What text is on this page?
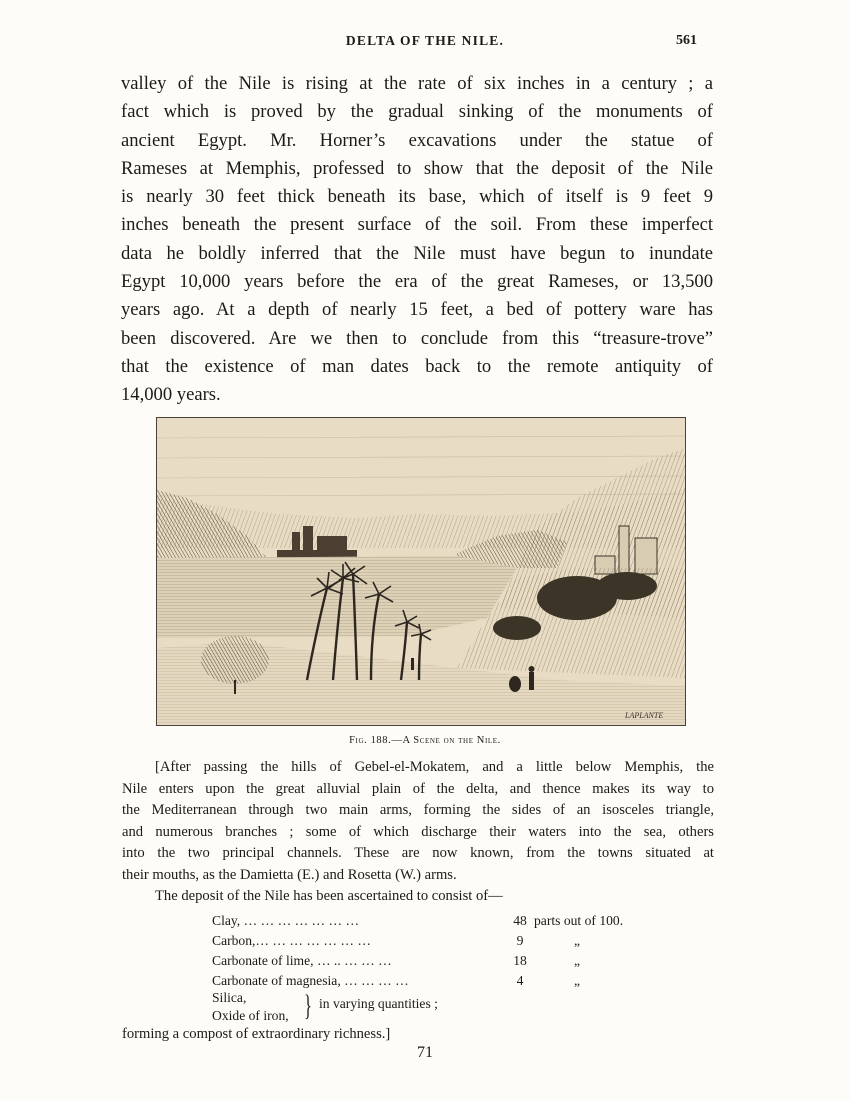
DELTA OF THE NILE.	561

valley of the Nile is rising at the rate of six inches in a century ; a
fact which is proved by the gradual sinking of the monuments of
ancient Egypt. Mr. Horner’s excavations under the statue of
Rameses at Memphis, professed to show that the deposit of the Nile
is nearly 30 feet thick beneath its base, which of itself is 9 feet 9
inches beneath the present surface of the soil. From these imperfect
data he boldly inferred that the Nile must have begun to inundate
Egypt 10,000 years before the era of the great Rameses, or 13,500
years ago. At a depth of nearly 15 feet, a bed of pottery ware has
been discovered. Are we then to conclude from this “treasure-trove”
that the existence of man dates back to the remote antiquity of
14,000 years.

LAPLANTE
Fig. 188.—A Scene on the Nile.
[After passing the hills of Gebel-el-Mokatem, and a little below Memphis, the
Nile enters upon the great alluvial plain of the delta, and thence makes its way to
the Mediterranean through two main arms, forming the sides of an isosceles triangle,
and numerous branches ; some of which discharge their waters into the sea, others
into the two principal channels. These are now known, from the towns situated at
their mouths, as the Damietta (E.) and Rosetta (W.) arms.
The deposit of the Nile has been ascertained to consist of—
Clay, … … … … … … …	48 parts out of 100.
Carbon,… … … … … … …	9	„
Carbonate of lime, … .. … … …	18	„
Carbonate of magnesia, … … … …	4	„
Silica,
Oxide of iron, } in varying quantities ;
forming a compost of extraordinary richness.]
71
